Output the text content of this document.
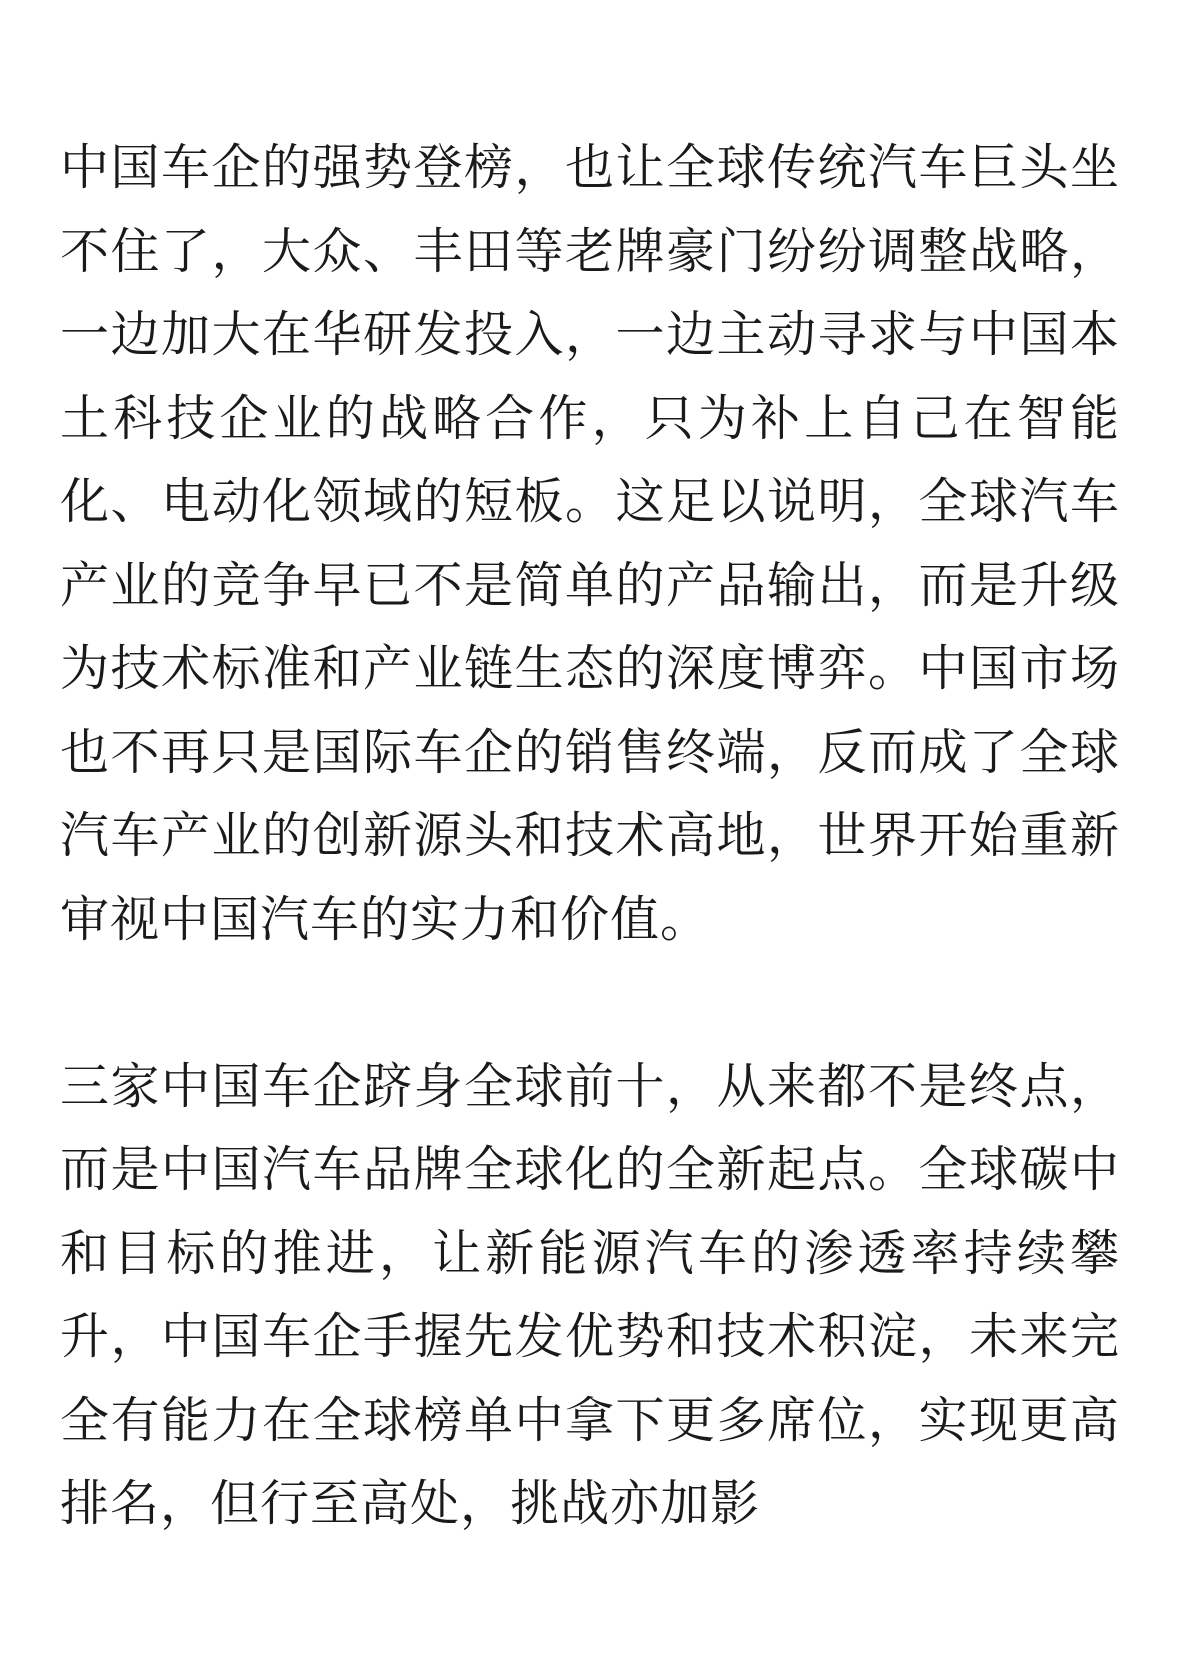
中国车企的强势登榜，也让全球传统汽车巨头坐不住了，大众、丰田等老牌豪门纷纷调整战略，一边加大在华研发投入，一边主动寻求与中国本土科技企业的战略合作，只为补上自己在智能化、电动化领域的短板。这足以说明，全球汽车产业的竞争早已不是简单的产品输出，而是升级为技术标准和产业链生态的深度博弈。中国市场也不再只是国际车企的销售终端，反而成了全球汽车产业的创新源头和技术高地，世界开始重新审视中国汽车的实力和价值。

三家中国车企跻身全球前十，从来都不是终点，而是中国汽车品牌全球化的全新起点。全球碳中和目标的推进，让新能源汽车的渗透率持续攀升，中国车企手握先发优势和技术积淀，未来完全有能力在全球榜单中拿下更多席位，实现更高排名，但行至高处，挑战亦加影
